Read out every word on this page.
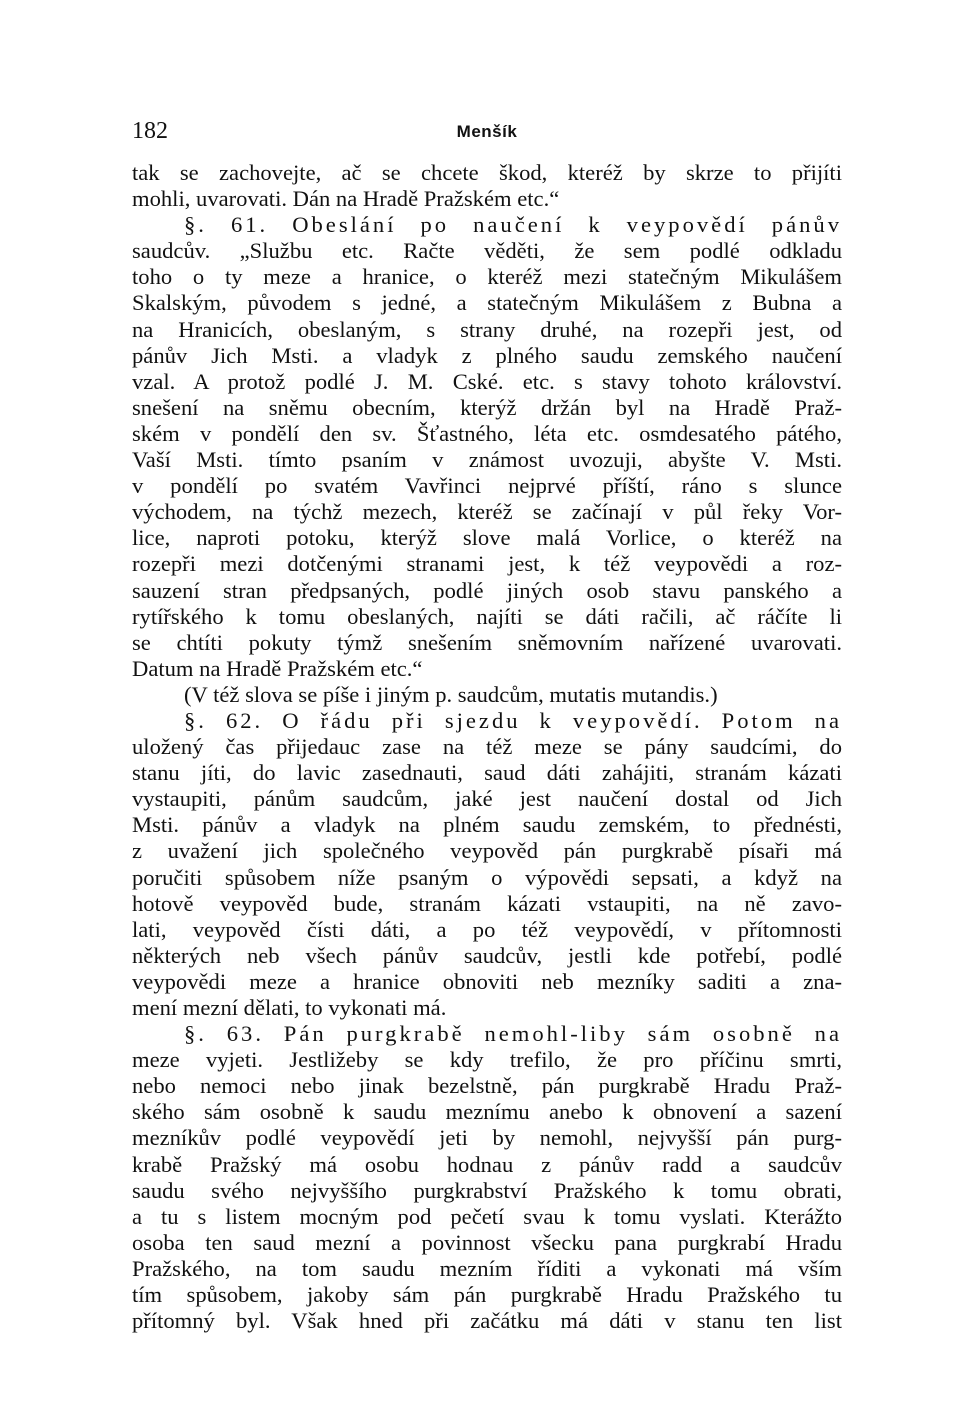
182	Menšík
tak se zachovejte, ač se chcete škod, kteréž by skrze to přijíti
mohli, uvarovati. Dán na Hradě Pražském etc.“
§. 61. Obeslání po naučení k veypovědí pánův
saudcův. „Službu etc. Račte věděti, že sem podlé odkladu
toho o ty meze a hranice, o kteréž mezi statečným Mikulášem
Skalským, původem s jedné, a statečným Mikulášem z Bubna a
na Hranicích, obeslaným, s strany druhé, na rozepři jest, od
pánův Jich Msti. a vladyk z plného saudu zemského naučení
vzal. A protož podlé J. M. Cské. etc. s stavy tohoto království.
snešení na sněmu obecním, kterýž držán byl na Hradě Praž-
ském v pondělí den sv. Šťastného, léta etc. osmdesatého pátého,
Vaší Msti. tímto psaním v známost uvozuji, abyšte V. Msti.
v pondělí po svatém Vavřinci nejprvé příští, ráno s slunce
východem, na týchž mezech, kteréž se začínají v půl řeky Vor-
lice, naproti potoku, kterýž slove malá Vorlice, o kteréž na
rozepři mezi dotčenými stranami jest, k též veypovědi a roz-
sauzení stran předpsaných, podlé jiných osob stavu panského a
rytířského k tomu obeslaných, najíti se dáti račili, ač ráčíte li
se chtíti pokuty týmž snešením sněmovním nařízené uvarovati.
Datum na Hradě Pražském etc.“
(V též slova se píše i jiným p. saudcům, mutatis mutandis.)
§. 62. O řádu při sjezdu k veypovědí. Potom na
uložený čas přijedauc zase na též meze se pány saudcími, do
stanu jíti, do lavic zasednauti, saud dáti zahájiti, stranám kázati
vystaupiti, pánům saudcům, jaké jest naučení dostal od Jich
Msti. pánův a vladyk na plném saudu zemském, to přednésti,
z uvažení jich společného veypověd pán purgkrabě písaři má
poručiti spůsobem níže psaným o výpovědi sepsati, a když na
hotově veypověd bude, stranám kázati vstaupiti, na ně zavo-
lati, veypověd čísti dáti, a po též veypovědí, v přítomnosti
některých neb všech pánův saudcův, jestli kde potřebí, podlé
veypovědi meze a hranice obnoviti neb mezníky saditi a zna-
mení mezní dělati, to vykonati má.
§. 63. Pán purgkrabě nemohl-liby sám osobně na
meze vyjeti. Jestližeby se kdy trefilo, že pro příčinu smrti,
nebo nemoci nebo jinak bezelstně, pán purgkrabě Hradu Praž-
ského sám osobně k saudu meznímu anebo k obnovení a sazení
mezníkův podlé veypovědí jeti by nemohl, nejvyšší pán purg-
krabě Pražský má osobu hodnau z pánův radd a saudcův
saudu svého nejvyššího purgkrabství Pražského k tomu obrati,
a tu s listem mocným pod pečetí svau k tomu vyslati. Kterážto
osoba ten saud mezní a povinnost všecku pana purgkrabí Hradu
Pražského, na tom saudu mezním říditi a vykonati má vším
tím spůsobem, jakoby sám pán purgkrabě Hradu Pražského tu
přítomný byl. Však hned při začátku má dáti v stanu ten list
